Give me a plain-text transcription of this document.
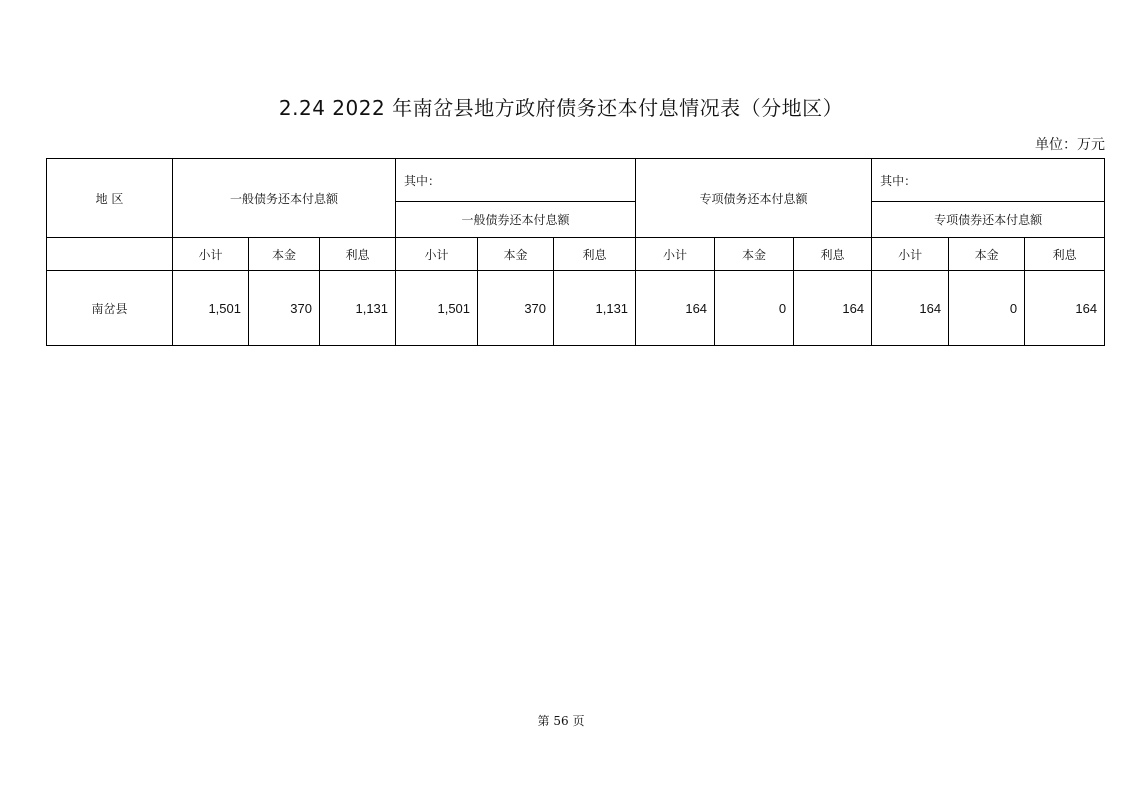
2.24 2022 年南岔县地方政府债务还本付息情况表（分地区）
单位：万元
地 区	一般债务还本付息额			其中：			专项债务还本付息额			其中：		
				一般债券还本付息额						专项债券还本付息额		
	小计	本金	利息	小计	本金	利息	小计	本金	利息	小计	本金	利息
南岔县	1,501	370	1,131	1,501	370	1,131	164	0	164	164	0	164
第 56 页
